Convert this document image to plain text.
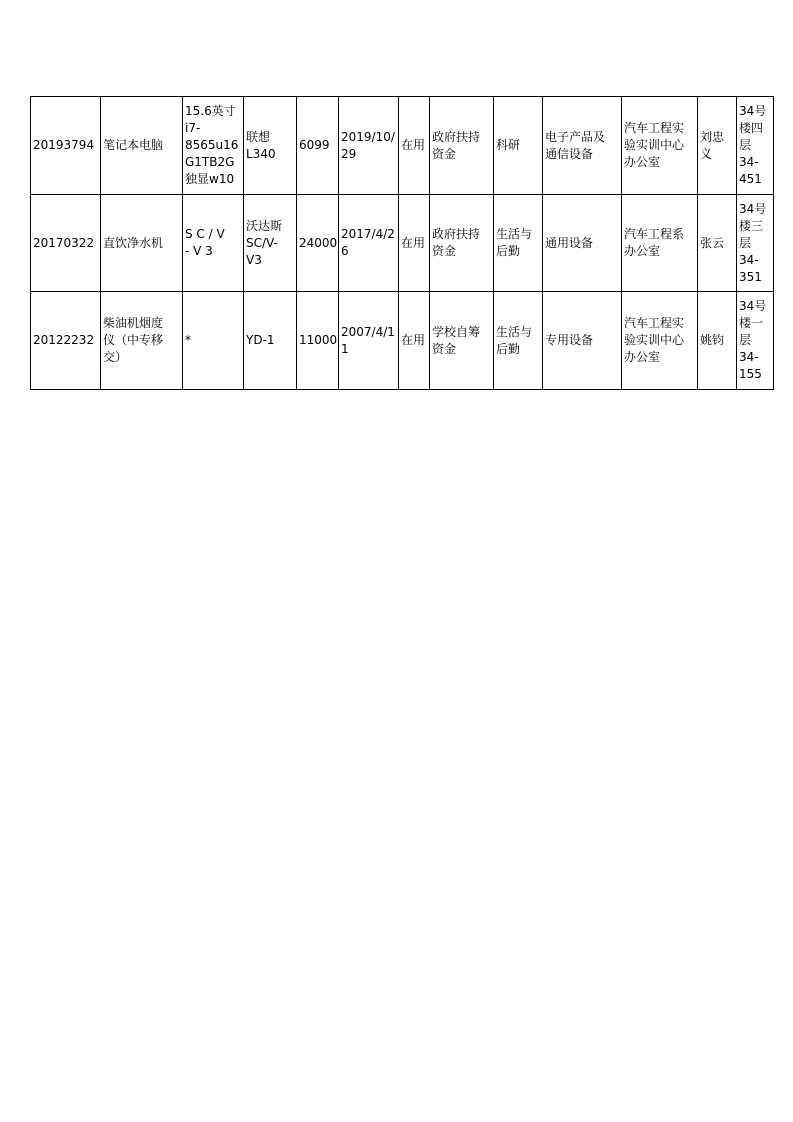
20193794	笔记本电脑	15.6英寸
i7-
8565u16
G1TB2G
独显w10	联想
L340	6099	2019/10/
29	在用	政府扶持
资金	科研	电子产品及
通信设备	汽车工程实
验实训中心
办公室	刘忠
义	34号
楼四
层
34-
451

20170322	直饮净水机	S C / V
- V 3	沃达斯
SC/V-
V3	24000	2017/4/2
6	在用	政府扶持
资金	生活与
后勤	通用设备	汽车工程系
办公室	张云	34号
楼三
层
34-
351

20122232	柴油机烟度
仪（中专移
交）	*	YD-1	11000	2007/4/1
1	在用	学校自筹
资金	生活与
后勤	专用设备	汽车工程实
验实训中心
办公室	姚钧	34号
楼一
层
34-
155
